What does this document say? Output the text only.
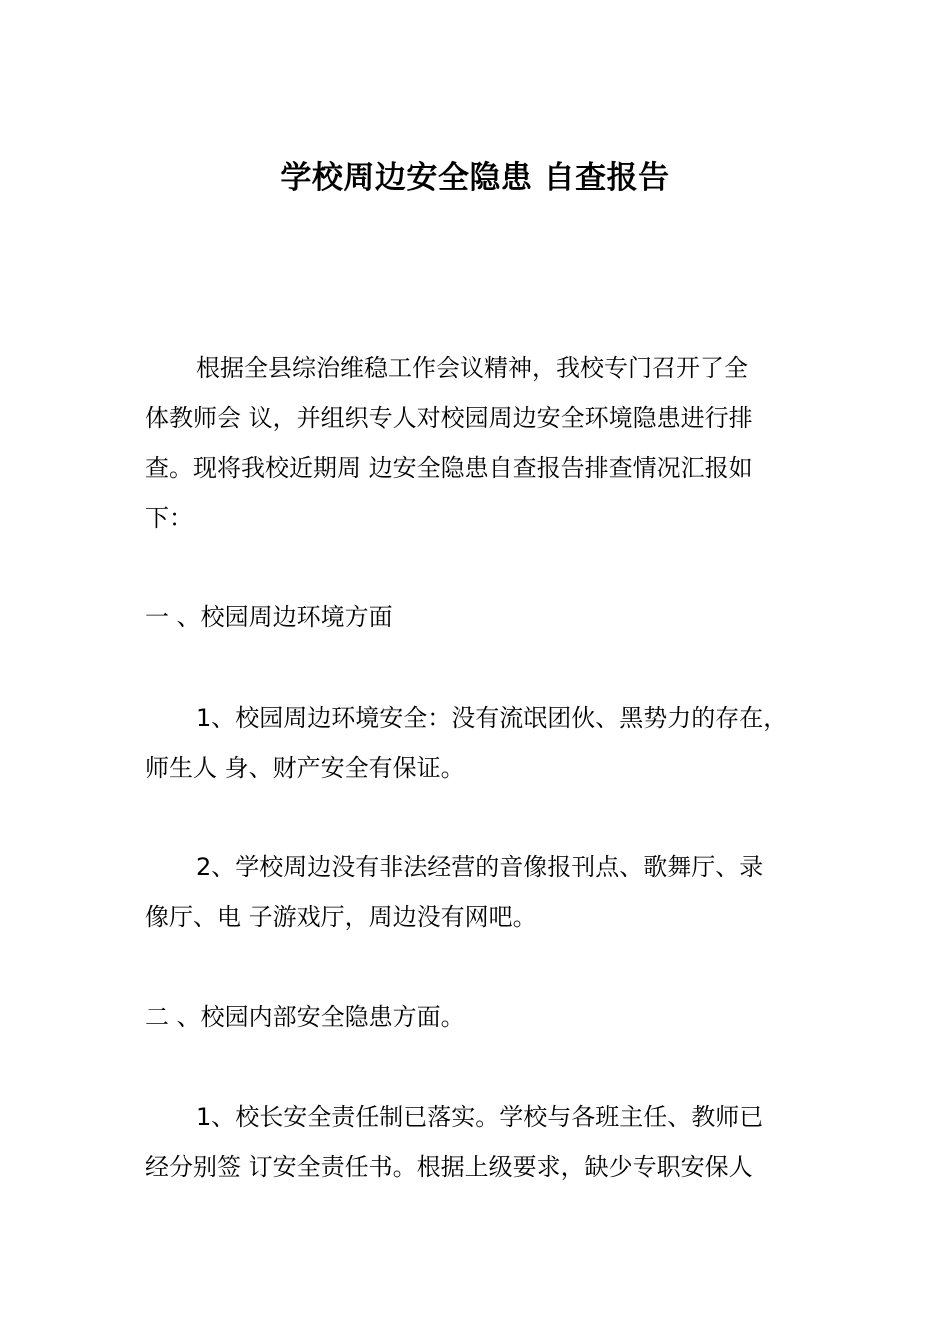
学校周边安全隐患 自查报告
根据全县综治维稳工作会议精神，我校专门召开了全
体教师会 议，并组织专人对校园周边安全环境隐患进行排
查。现将我校近期周 边安全隐患自查报告排查情况汇报如
下：
一 、校园周边环境方面
1、校园周边环境安全：没有流氓团伙、黑势力的存在，
师生人 身、财产安全有保证。
2、学校周边没有非法经营的音像报刊点、歌舞厅、录
像厅、电 子游戏厅，周边没有网吧。
二 、校园内部安全隐患方面。
1、校长安全责任制已落实。学校与各班主任、教师已
经分别签 订安全责任书。根据上级要求，缺少专职安保人
